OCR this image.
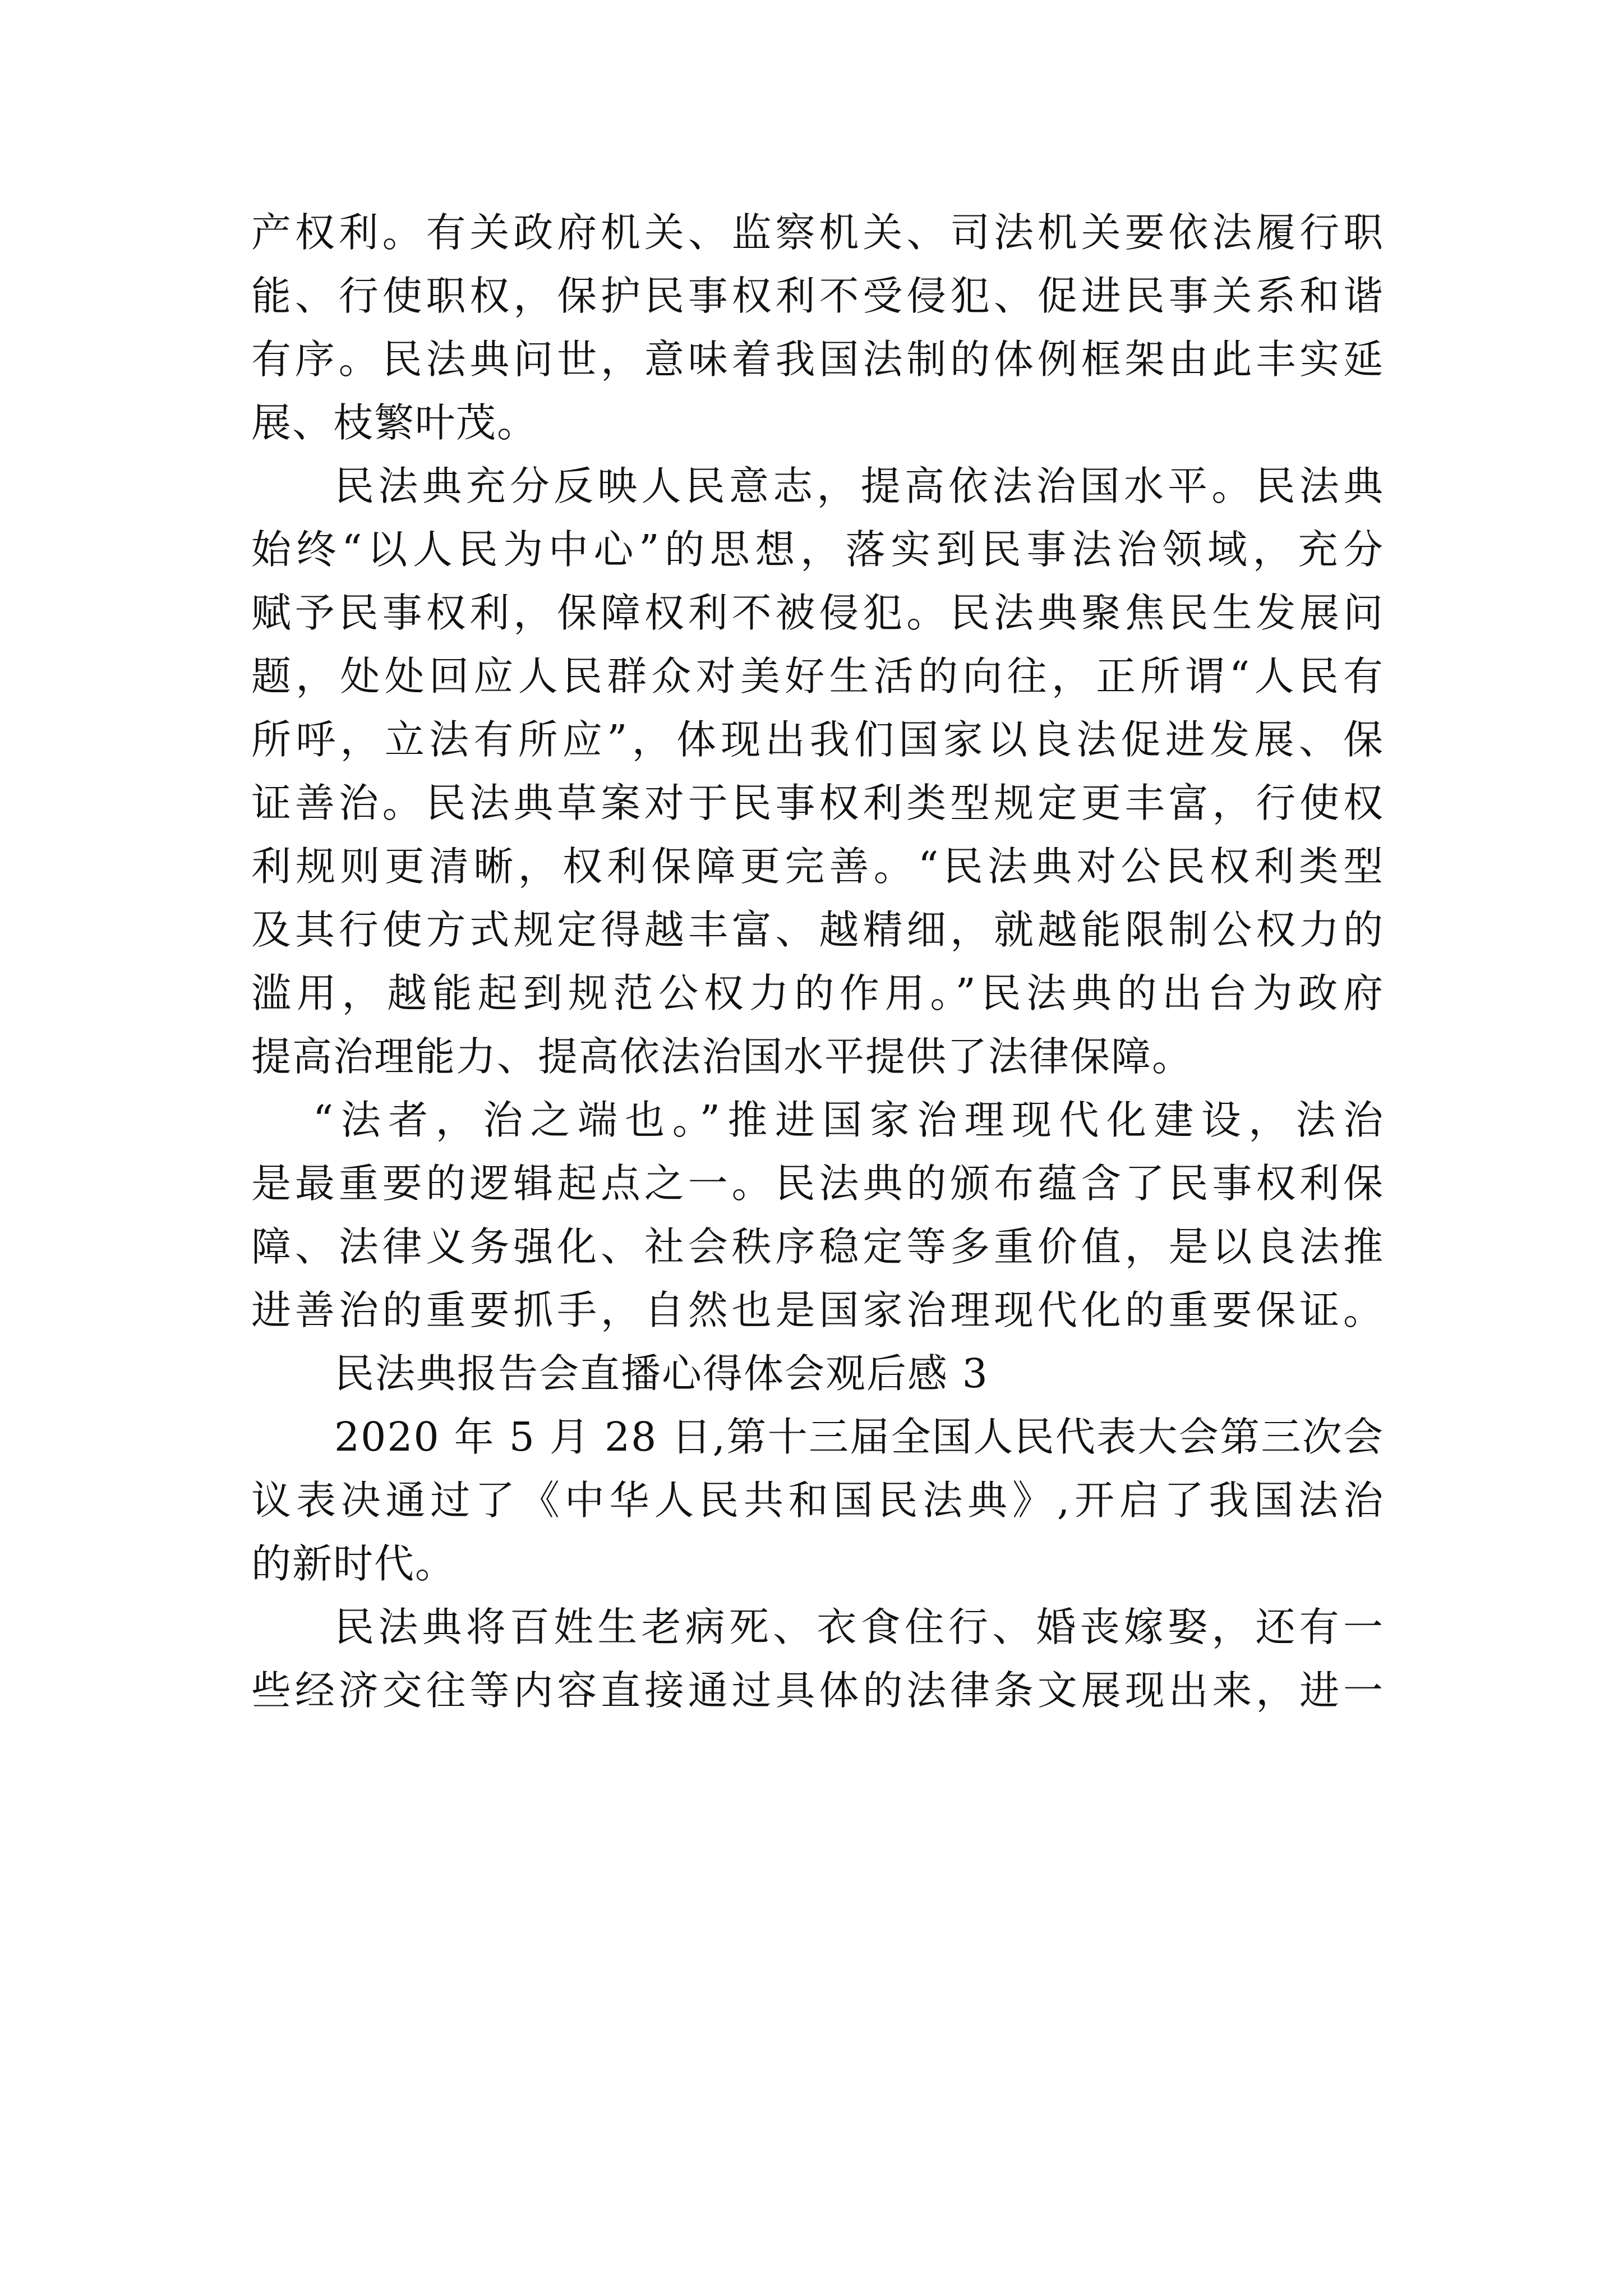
产权利。有关政府机关、监察机关、司法机关要依法履行职
能、行使职权，保护民事权利不受侵犯、促进民事关系和谐
有序。民法典问世，意味着我国法制的体例框架由此丰实延
展、枝繁叶茂。
民法典充分反映人民意志，提高依法治国水平。民法典
始终“以人民为中心”的思想，落实到民事法治领域，充分
赋予民事权利，保障权利不被侵犯。民法典聚焦民生发展问
题，处处回应人民群众对美好生活的向往，正所谓“人民有
所呼，立法有所应”，体现出我们国家以良法促进发展、保
证善治。民法典草案对于民事权利类型规定更丰富，行使权
利规则更清晰，权利保障更完善。“民法典对公民权利类型
及其行使方式规定得越丰富、越精细，就越能限制公权力的
滥用，越能起到规范公权力的作用。”民法典的出台为政府
提高治理能力、提高依法治国水平提供了法律保障。
“法者，治之端也。”推进国家治理现代化建设，法治
是最重要的逻辑起点之一。民法典的颁布蕴含了民事权利保
障、法律义务强化、社会秩序稳定等多重价值，是以良法推
进善治的重要抓手，自然也是国家治理现代化的重要保证。
民法典报告会直播心得体会观后感 3
2020 年 5 月 28 日,第十三届全国人民代表大会第三次会
议表决通过了《中华人民共和国民法典》,开启了我国法治
的新时代。
民法典将百姓生老病死、衣食住行、婚丧嫁娶，还有一
些经济交往等内容直接通过具体的法律条文展现出来，进一
